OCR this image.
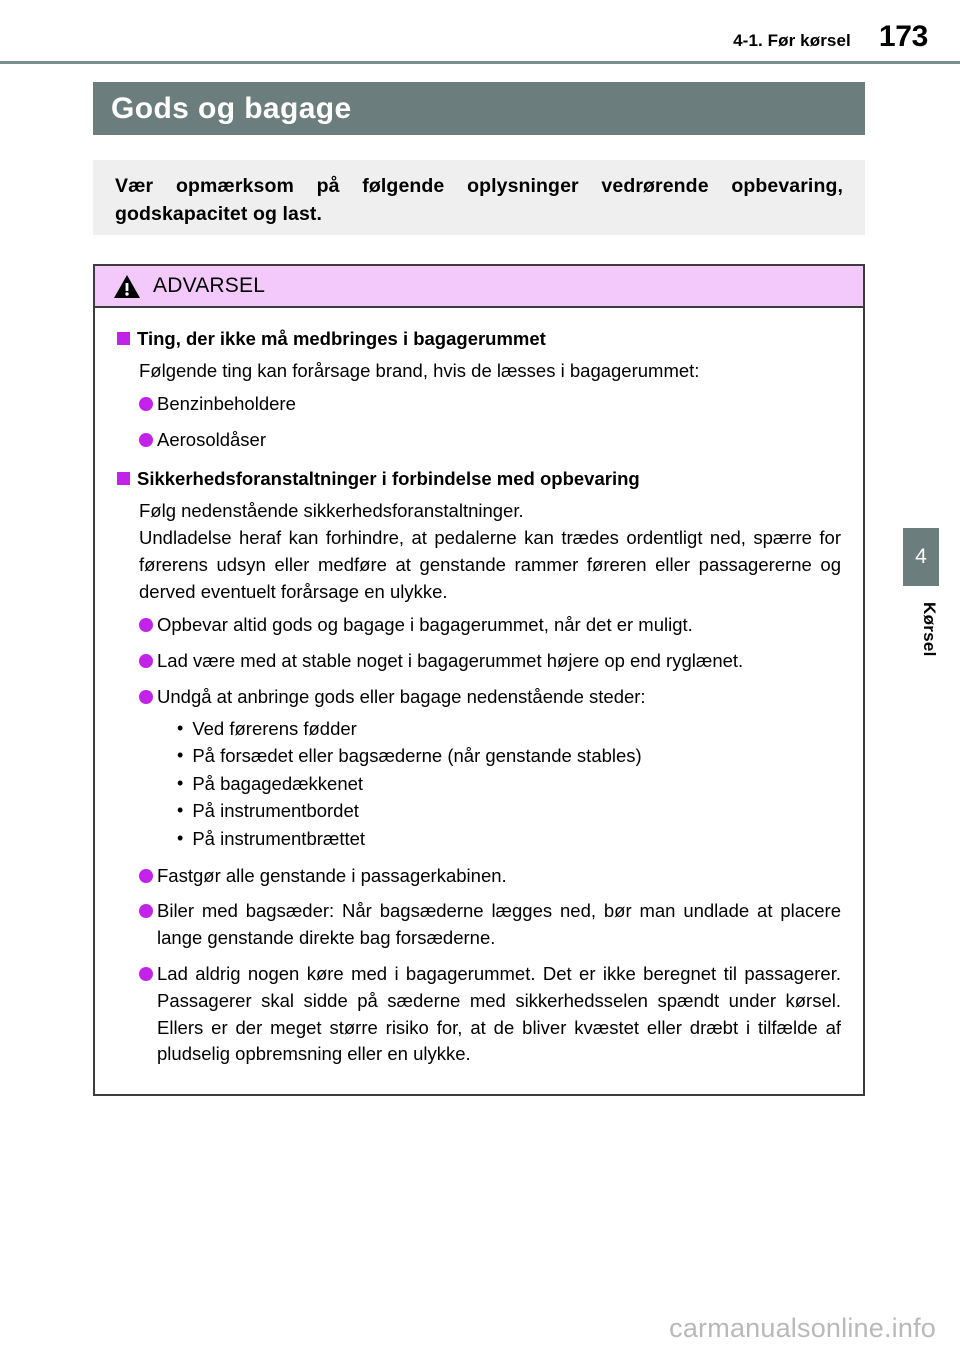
4-1. Før kørsel 173
Gods og bagage
Vær opmærksom på følgende oplysninger vedrørende opbevaring, godskapacitet og last.
ADVARSEL
Ting, der ikke må medbringes i bagagerummet

Følgende ting kan forårsage brand, hvis de læsses i bagagerummet:

Benzinbeholdere
Aerosoldåser
Sikkerhedsforanstaltninger i forbindelse med opbevaring

Følg nedenstående sikkerhedsforanstaltninger.

Undladelse heraf kan forhindre, at pedalerne kan trædes ordentligt ned, spærre for førerens udsyn eller medføre at genstande rammer føreren eller passagererne og derved eventuelt forårsage en ulykke.

Opbevar altid gods og bagage i bagagerummet, når det er muligt.
Lad være med at stable noget i bagagerummet højere op end ryglænet.
Undgå at anbringe gods eller bagage nedenstående steder:
• Ved førerens fødder
• På forsædet eller bagsæderne (når genstande stables)
• På bagagedækkenet
• På instrumentbordet
• På instrumentbrættet
Fastgør alle genstande i passagerkabinen.
Biler med bagsæder: Når bagsæderne lægges ned, bør man undlade at placere lange genstande direkte bag forsæderne.
Lad aldrig nogen køre med i bagagerummet. Det er ikke beregnet til passagerer. Passagerer skal sidde på sæderne med sikkerhedsselen spændt under kørsel. Ellers er der meget større risiko for, at de bliver kvæstet eller dræbt i tilfælde af pludselig opbremsning eller en ulykke.
4
Kørsel
carmanualsonline.info
